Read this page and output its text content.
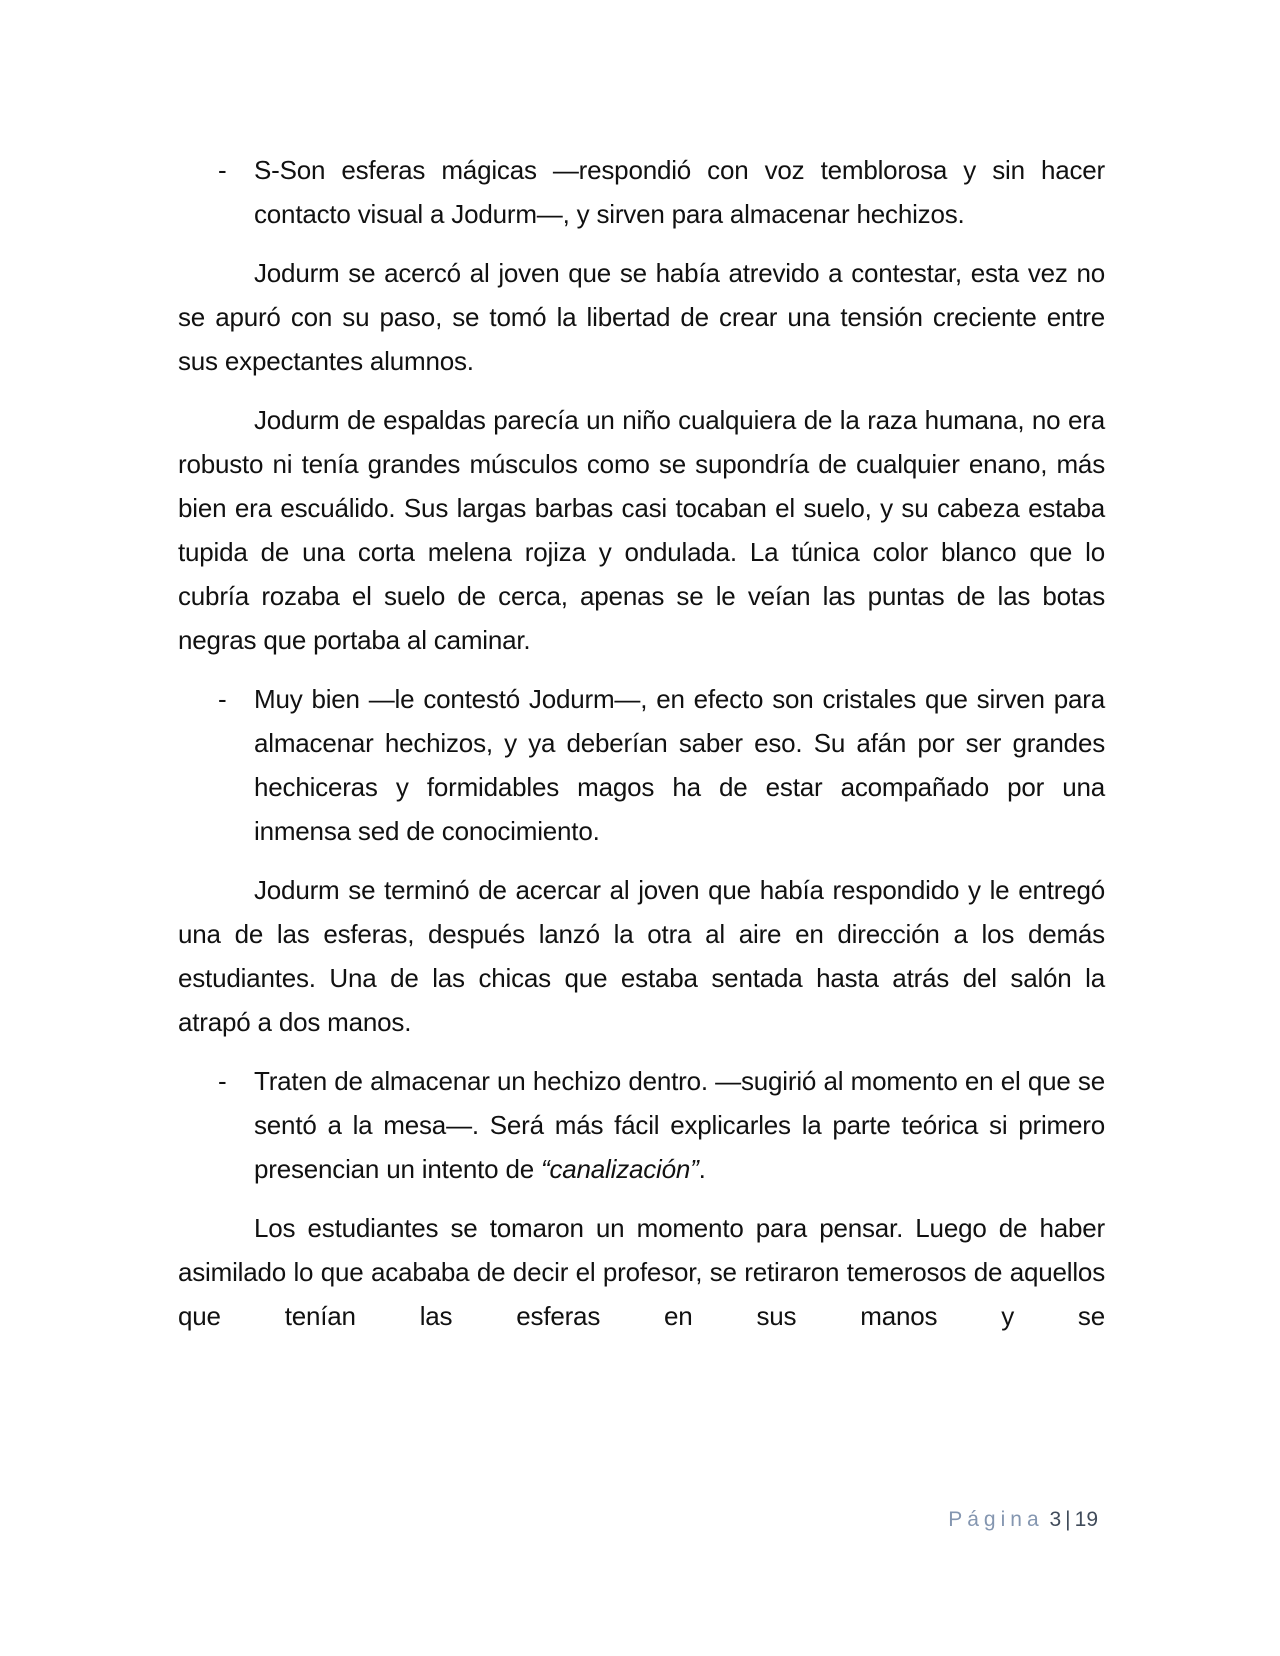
-	S-Son esferas mágicas —respondió con voz temblorosa y sin hacer contacto visual a Jodurm—, y sirven para almacenar hechizos.

Jodurm se acercó al joven que se había atrevido a contestar, esta vez no se apuró con su paso, se tomó la libertad de crear una tensión creciente entre sus expectantes alumnos.

Jodurm de espaldas parecía un niño cualquiera de la raza humana, no era robusto ni tenía grandes músculos como se supondría de cualquier enano, más bien era escuálido. Sus largas barbas casi tocaban el suelo, y su cabeza estaba tupida de una corta melena rojiza y ondulada. La túnica color blanco que lo cubría rozaba el suelo de cerca, apenas se le veían las puntas de las botas negras que portaba al caminar.

-	Muy bien —le contestó Jodurm—, en efecto son cristales que sirven para almacenar hechizos, y ya deberían saber eso. Su afán por ser grandes hechiceras y formidables magos ha de estar acompañado por una inmensa sed de conocimiento.

Jodurm se terminó de acercar al joven que había respondido y le entregó una de las esferas, después lanzó la otra al aire en dirección a los demás estudiantes. Una de las chicas que estaba sentada hasta atrás del salón la atrapó a dos manos.

-	Traten de almacenar un hechizo dentro. —sugirió al momento en el que se sentó a la mesa—. Será más fácil explicarles la parte teórica si primero presencian un intento de “canalización”.

Los estudiantes se tomaron un momento para pensar. Luego de haber asimilado lo que acababa de decir el profesor, se retiraron temerosos de aquellos que tenían las esferas en sus manos y se

Página 3 | 19
